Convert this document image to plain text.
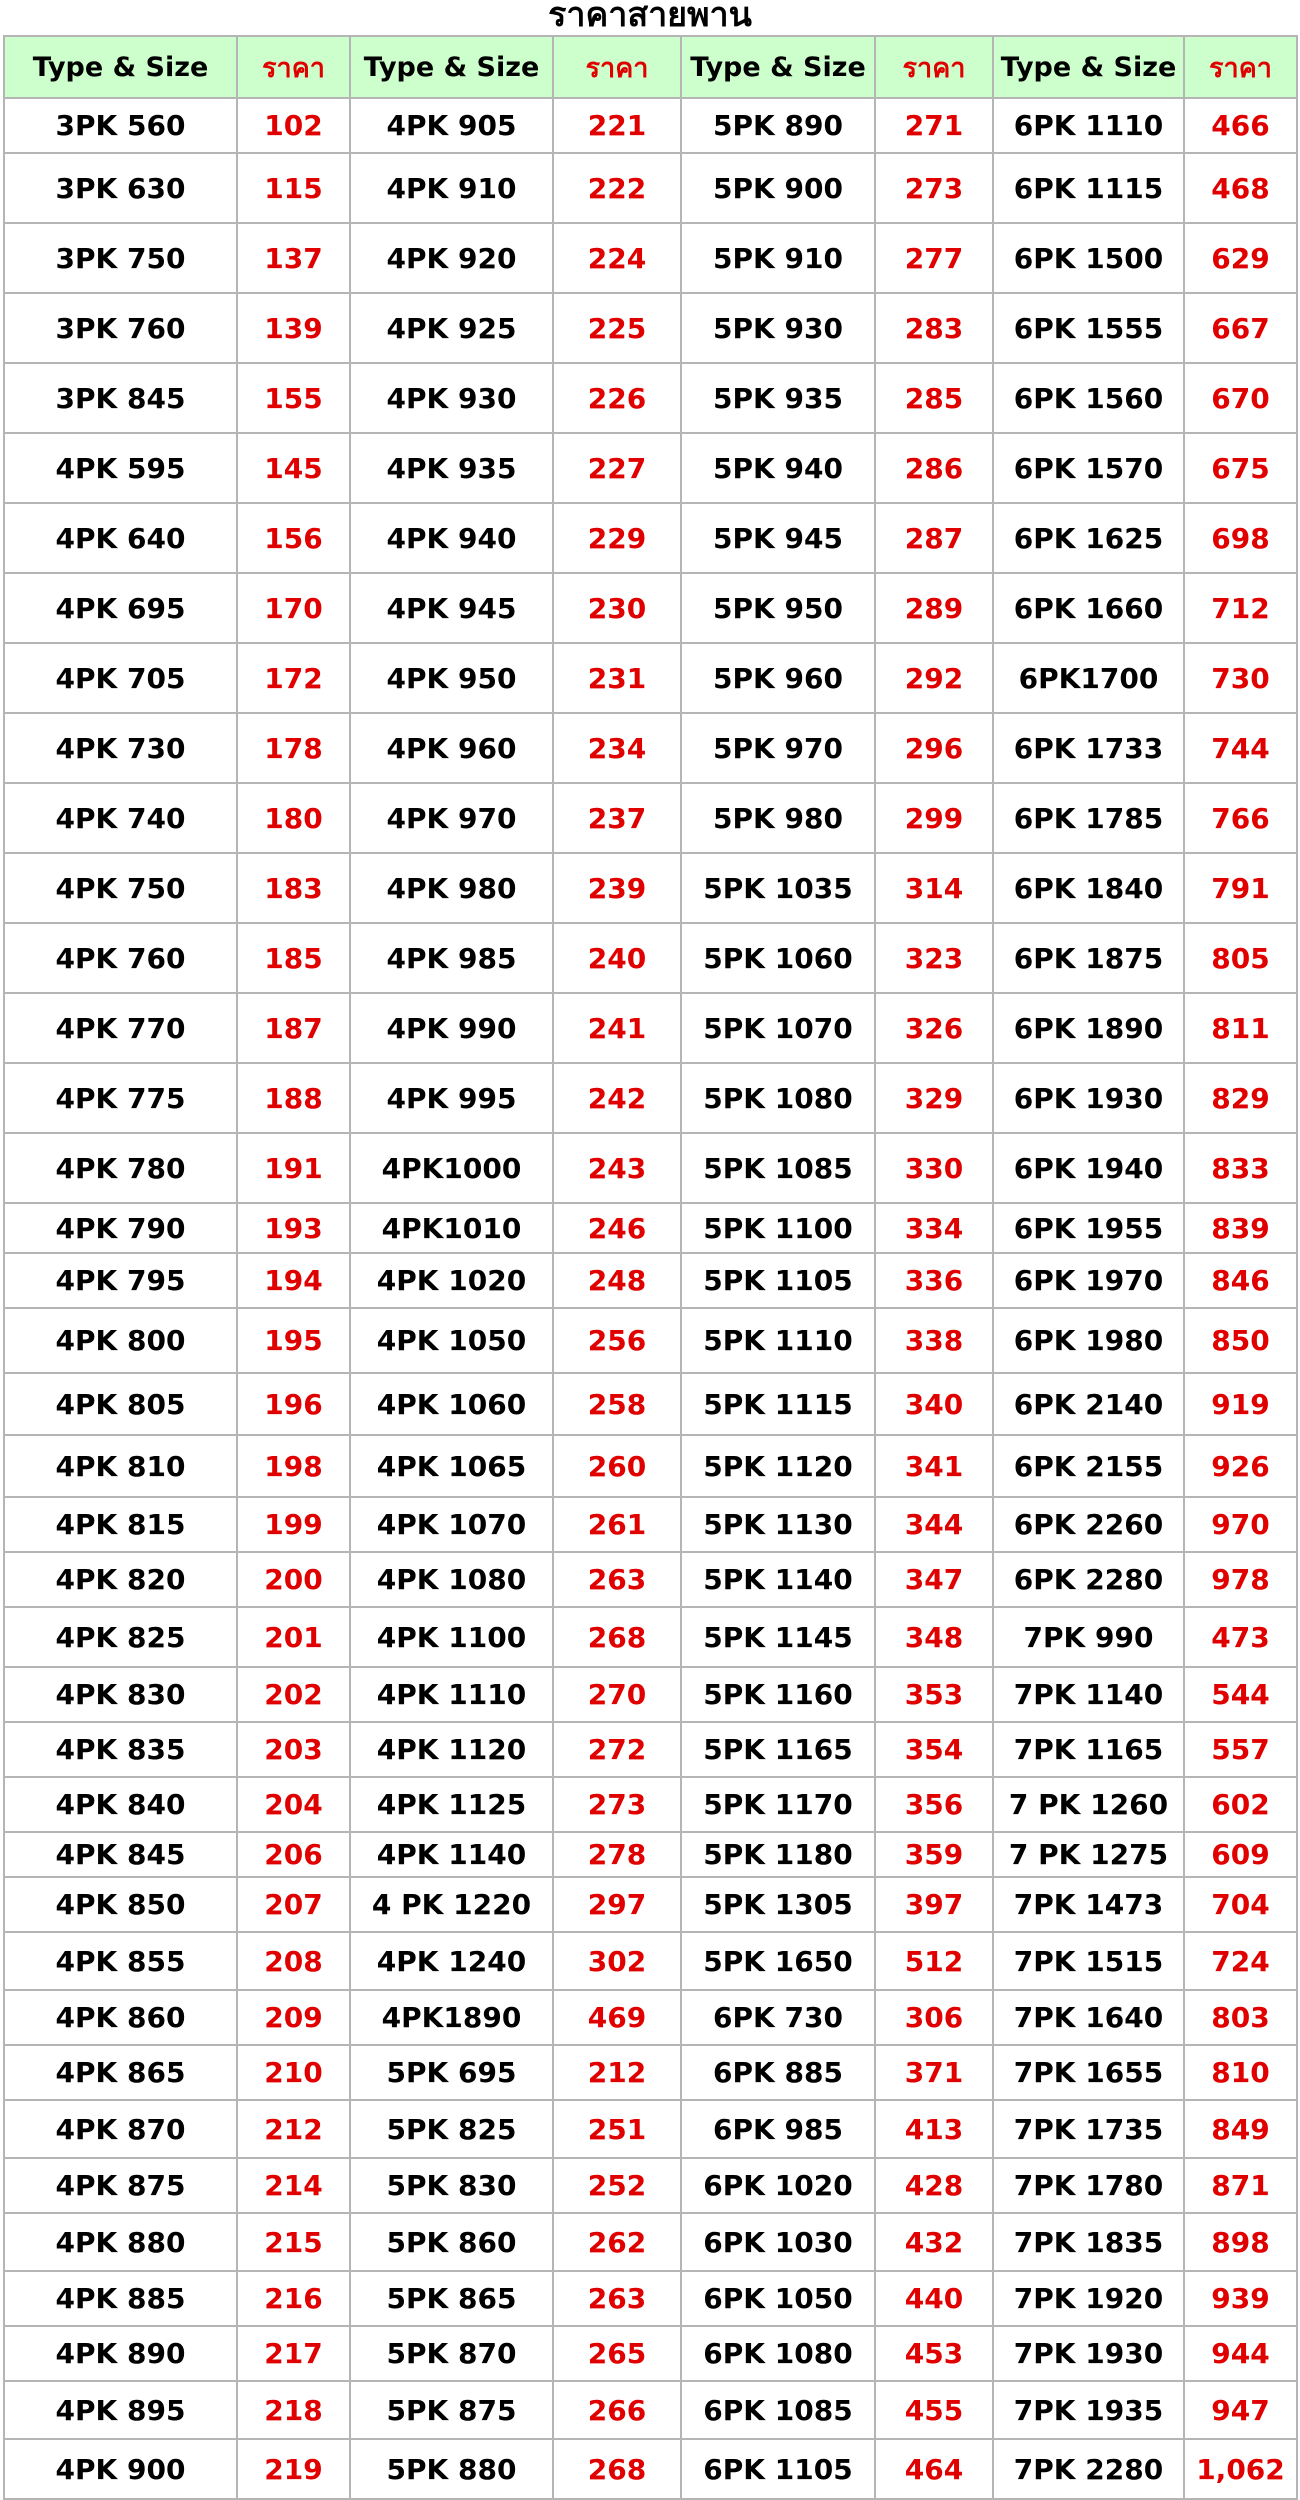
ราคาสายพาน
Type & Size	ราคา	Type & Size	ราคา	Type & Size	ราคา	Type & Size	ราคา
3PK 560	102	4PK 905	221	5PK 890	271	6PK 1110	466
3PK 630	115	4PK 910	222	5PK 900	273	6PK 1115	468
3PK 750	137	4PK 920	224	5PK 910	277	6PK 1500	629
3PK 760	139	4PK 925	225	5PK 930	283	6PK 1555	667
3PK 845	155	4PK 930	226	5PK 935	285	6PK 1560	670
4PK 595	145	4PK 935	227	5PK 940	286	6PK 1570	675
4PK 640	156	4PK 940	229	5PK 945	287	6PK 1625	698
4PK 695	170	4PK 945	230	5PK 950	289	6PK 1660	712
4PK 705	172	4PK 950	231	5PK 960	292	6PK1700	730
4PK 730	178	4PK 960	234	5PK 970	296	6PK 1733	744
4PK 740	180	4PK 970	237	5PK 980	299	6PK 1785	766
4PK 750	183	4PK 980	239	5PK 1035	314	6PK 1840	791
4PK 760	185	4PK 985	240	5PK 1060	323	6PK 1875	805
4PK 770	187	4PK 990	241	5PK 1070	326	6PK 1890	811
4PK 775	188	4PK 995	242	5PK 1080	329	6PK 1930	829
4PK 780	191	4PK1000	243	5PK 1085	330	6PK 1940	833
4PK 790	193	4PK1010	246	5PK 1100	334	6PK 1955	839
4PK 795	194	4PK 1020	248	5PK 1105	336	6PK 1970	846
4PK 800	195	4PK 1050	256	5PK 1110	338	6PK 1980	850
4PK 805	196	4PK 1060	258	5PK 1115	340	6PK 2140	919
4PK 810	198	4PK 1065	260	5PK 1120	341	6PK 2155	926
4PK 815	199	4PK 1070	261	5PK 1130	344	6PK 2260	970
4PK 820	200	4PK 1080	263	5PK 1140	347	6PK 2280	978
4PK 825	201	4PK 1100	268	5PK 1145	348	7PK 990	473
4PK 830	202	4PK 1110	270	5PK 1160	353	7PK 1140	544
4PK 835	203	4PK 1120	272	5PK 1165	354	7PK 1165	557
4PK 840	204	4PK 1125	273	5PK 1170	356	7 PK 1260	602
4PK 845	206	4PK 1140	278	5PK 1180	359	7 PK 1275	609
4PK 850	207	4 PK 1220	297	5PK 1305	397	7PK 1473	704
4PK 855	208	4PK 1240	302	5PK 1650	512	7PK 1515	724
4PK 860	209	4PK1890	469	6PK 730	306	7PK 1640	803
4PK 865	210	5PK 695	212	6PK 885	371	7PK 1655	810
4PK 870	212	5PK 825	251	6PK 985	413	7PK 1735	849
4PK 875	214	5PK 830	252	6PK 1020	428	7PK 1780	871
4PK 880	215	5PK 860	262	6PK 1030	432	7PK 1835	898
4PK 885	216	5PK 865	263	6PK 1050	440	7PK 1920	939
4PK 890	217	5PK 870	265	6PK 1080	453	7PK 1930	944
4PK 895	218	5PK 875	266	6PK 1085	455	7PK 1935	947
4PK 900	219	5PK 880	268	6PK 1105	464	7PK 2280	1,062
